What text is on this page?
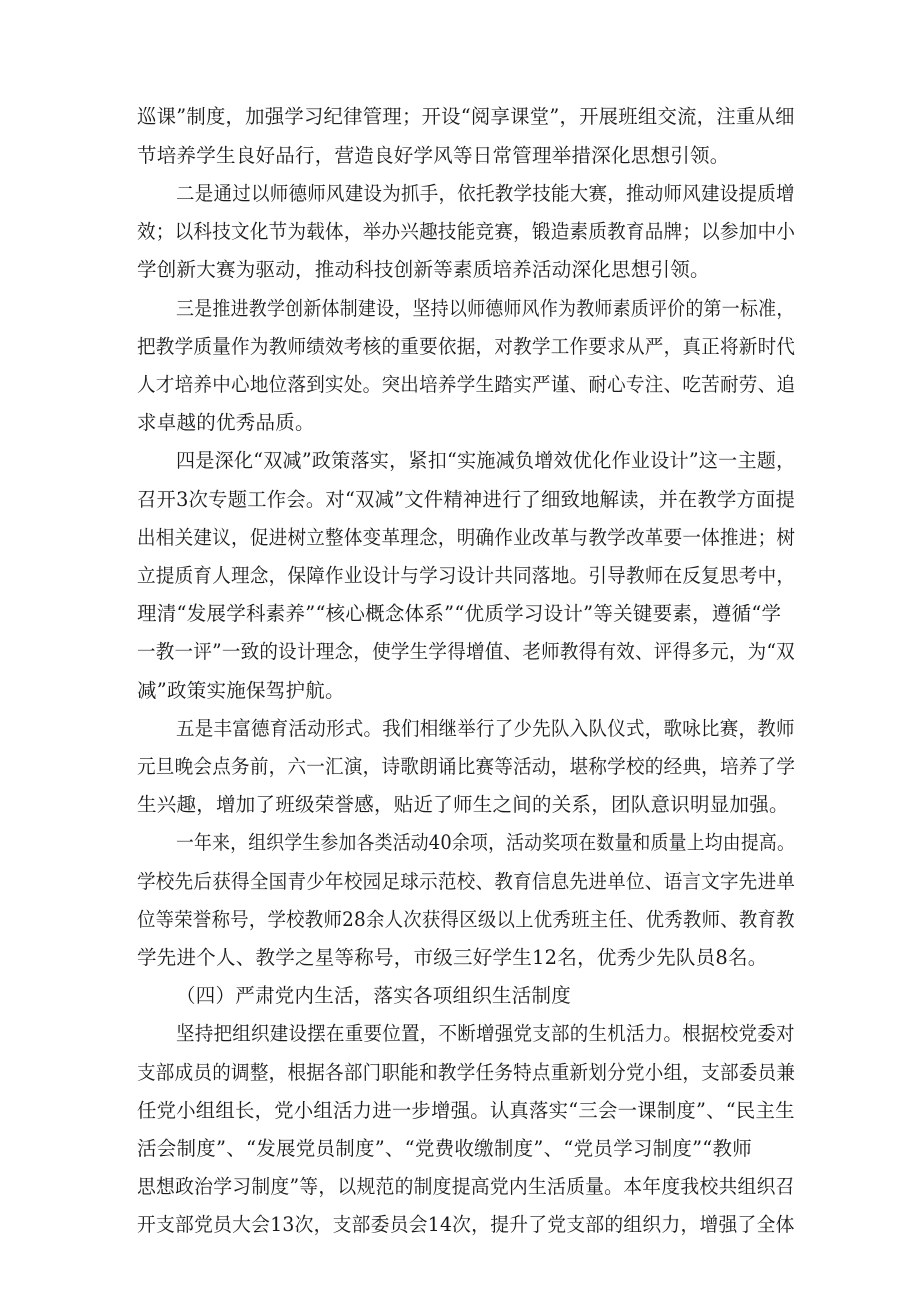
巡课”制度，加强学习纪律管理；开设“阅享课堂”，开展班组交流，注重从细
节培养学生良好品行，营造良好学风等日常管理举措深化思想引领。
二是通过以师德师风建设为抓手，依托教学技能大赛，推动师风建设提质增
效；以科技文化节为载体，举办兴趣技能竞赛，锻造素质教育品牌；以参加中小
学创新大赛为驱动，推动科技创新等素质培养活动深化思想引领。
三是推进教学创新体制建设，坚持以师德师风作为教师素质评价的第一标准，
把教学质量作为教师绩效考核的重要依据，对教学工作要求从严，真正将新时代
人才培养中心地位落到实处。突出培养学生踏实严谨、耐心专注、吃苦耐劳、追
求卓越的优秀品质。
四是深化“双减”政策落实，紧扣“实施减负增效优化作业设计”这一主题，
召开3次专题工作会。对“双减”文件精神进行了细致地解读，并在教学方面提
出相关建议，促进树立整体变革理念，明确作业改革与教学改革要一体推进；树
立提质育人理念，保障作业设计与学习设计共同落地。引导教师在反复思考中，
理清“发展学科素养”“核心概念体系”“优质学习设计”等关键要素，遵循“学
一教一评”一致的设计理念，使学生学得增值、老师教得有效、评得多元，为“双
减”政策实施保驾护航。
五是丰富德育活动形式。我们相继举行了少先队入队仪式，歌咏比赛，教师
元旦晚会点务前，六一汇演，诗歌朗诵比赛等活动，堪称学校的经典，培养了学
生兴趣，增加了班级荣誉感，贴近了师生之间的关系，团队意识明显加强。
一年来，组织学生参加各类活动40余项，活动奖项在数量和质量上均由提高。
学校先后获得全国青少年校园足球示范校、教育信息先进单位、语言文字先进单
位等荣誉称号，学校教师28余人次获得区级以上优秀班主任、优秀教师、教育教
学先进个人、教学之星等称号，市级三好学生12名，优秀少先队员8名。
（四）严肃党内生活，落实各项组织生活制度
坚持把组织建设摆在重要位置，不断增强党支部的生机活力。根据校党委对
支部成员的调整，根据各部门职能和教学任务特点重新划分党小组，支部委员兼
任党小组组长，党小组活力进一步增强。认真落实“三会一课制度”、“民主生
活会制度”、“发展党员制度”、“党费收缴制度”、“党员学习制度”“教师
思想政治学习制度”等，以规范的制度提高党内生活质量。本年度我校共组织召
开支部党员大会13次，支部委员会14次，提升了党支部的组织力，增强了全体
